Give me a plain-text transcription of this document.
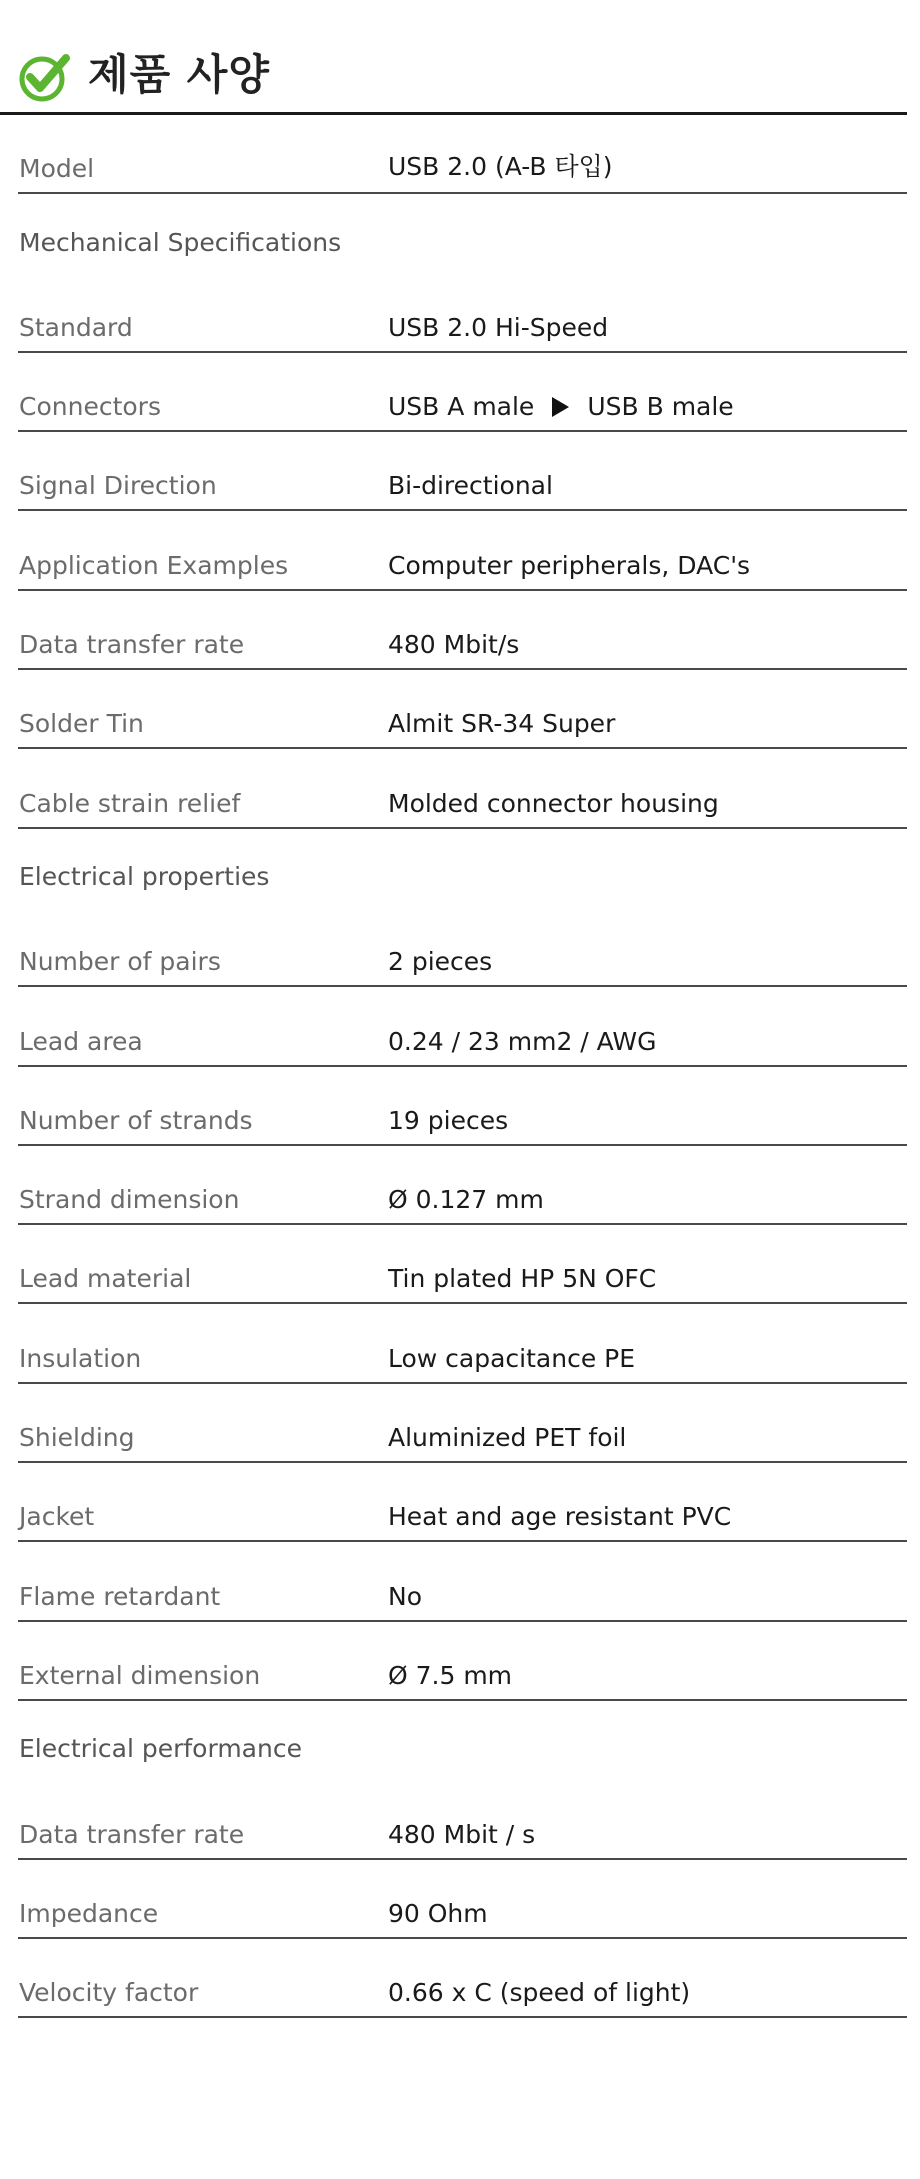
제품 사양
Model	USB 2.0 (A-B 타입)
Mechanical Specifications
Standard	USB 2.0 Hi-Speed
Connectors	USB A male USB B male
Signal Direction	Bi-directional
Application Examples	Computer peripherals, DAC's
Data transfer rate	480 Mbit/s
Solder Tin	Almit SR-34 Super
Cable strain relief	Molded connector housing
Electrical properties
Number of pairs	2 pieces
Lead area	0.24 / 23 mm2 / AWG
Number of strands	19 pieces
Strand dimension	Ø 0.127 mm
Lead material	Tin plated HP 5N OFC
Insulation	Low capacitance PE
Shielding	Aluminized PET foil
Jacket	Heat and age resistant PVC
Flame retardant	No
External dimension	Ø 7.5 mm
Electrical performance
Data transfer rate	480 Mbit / s
Impedance	90 Ohm
Velocity factor	0.66 x C (speed of light)
